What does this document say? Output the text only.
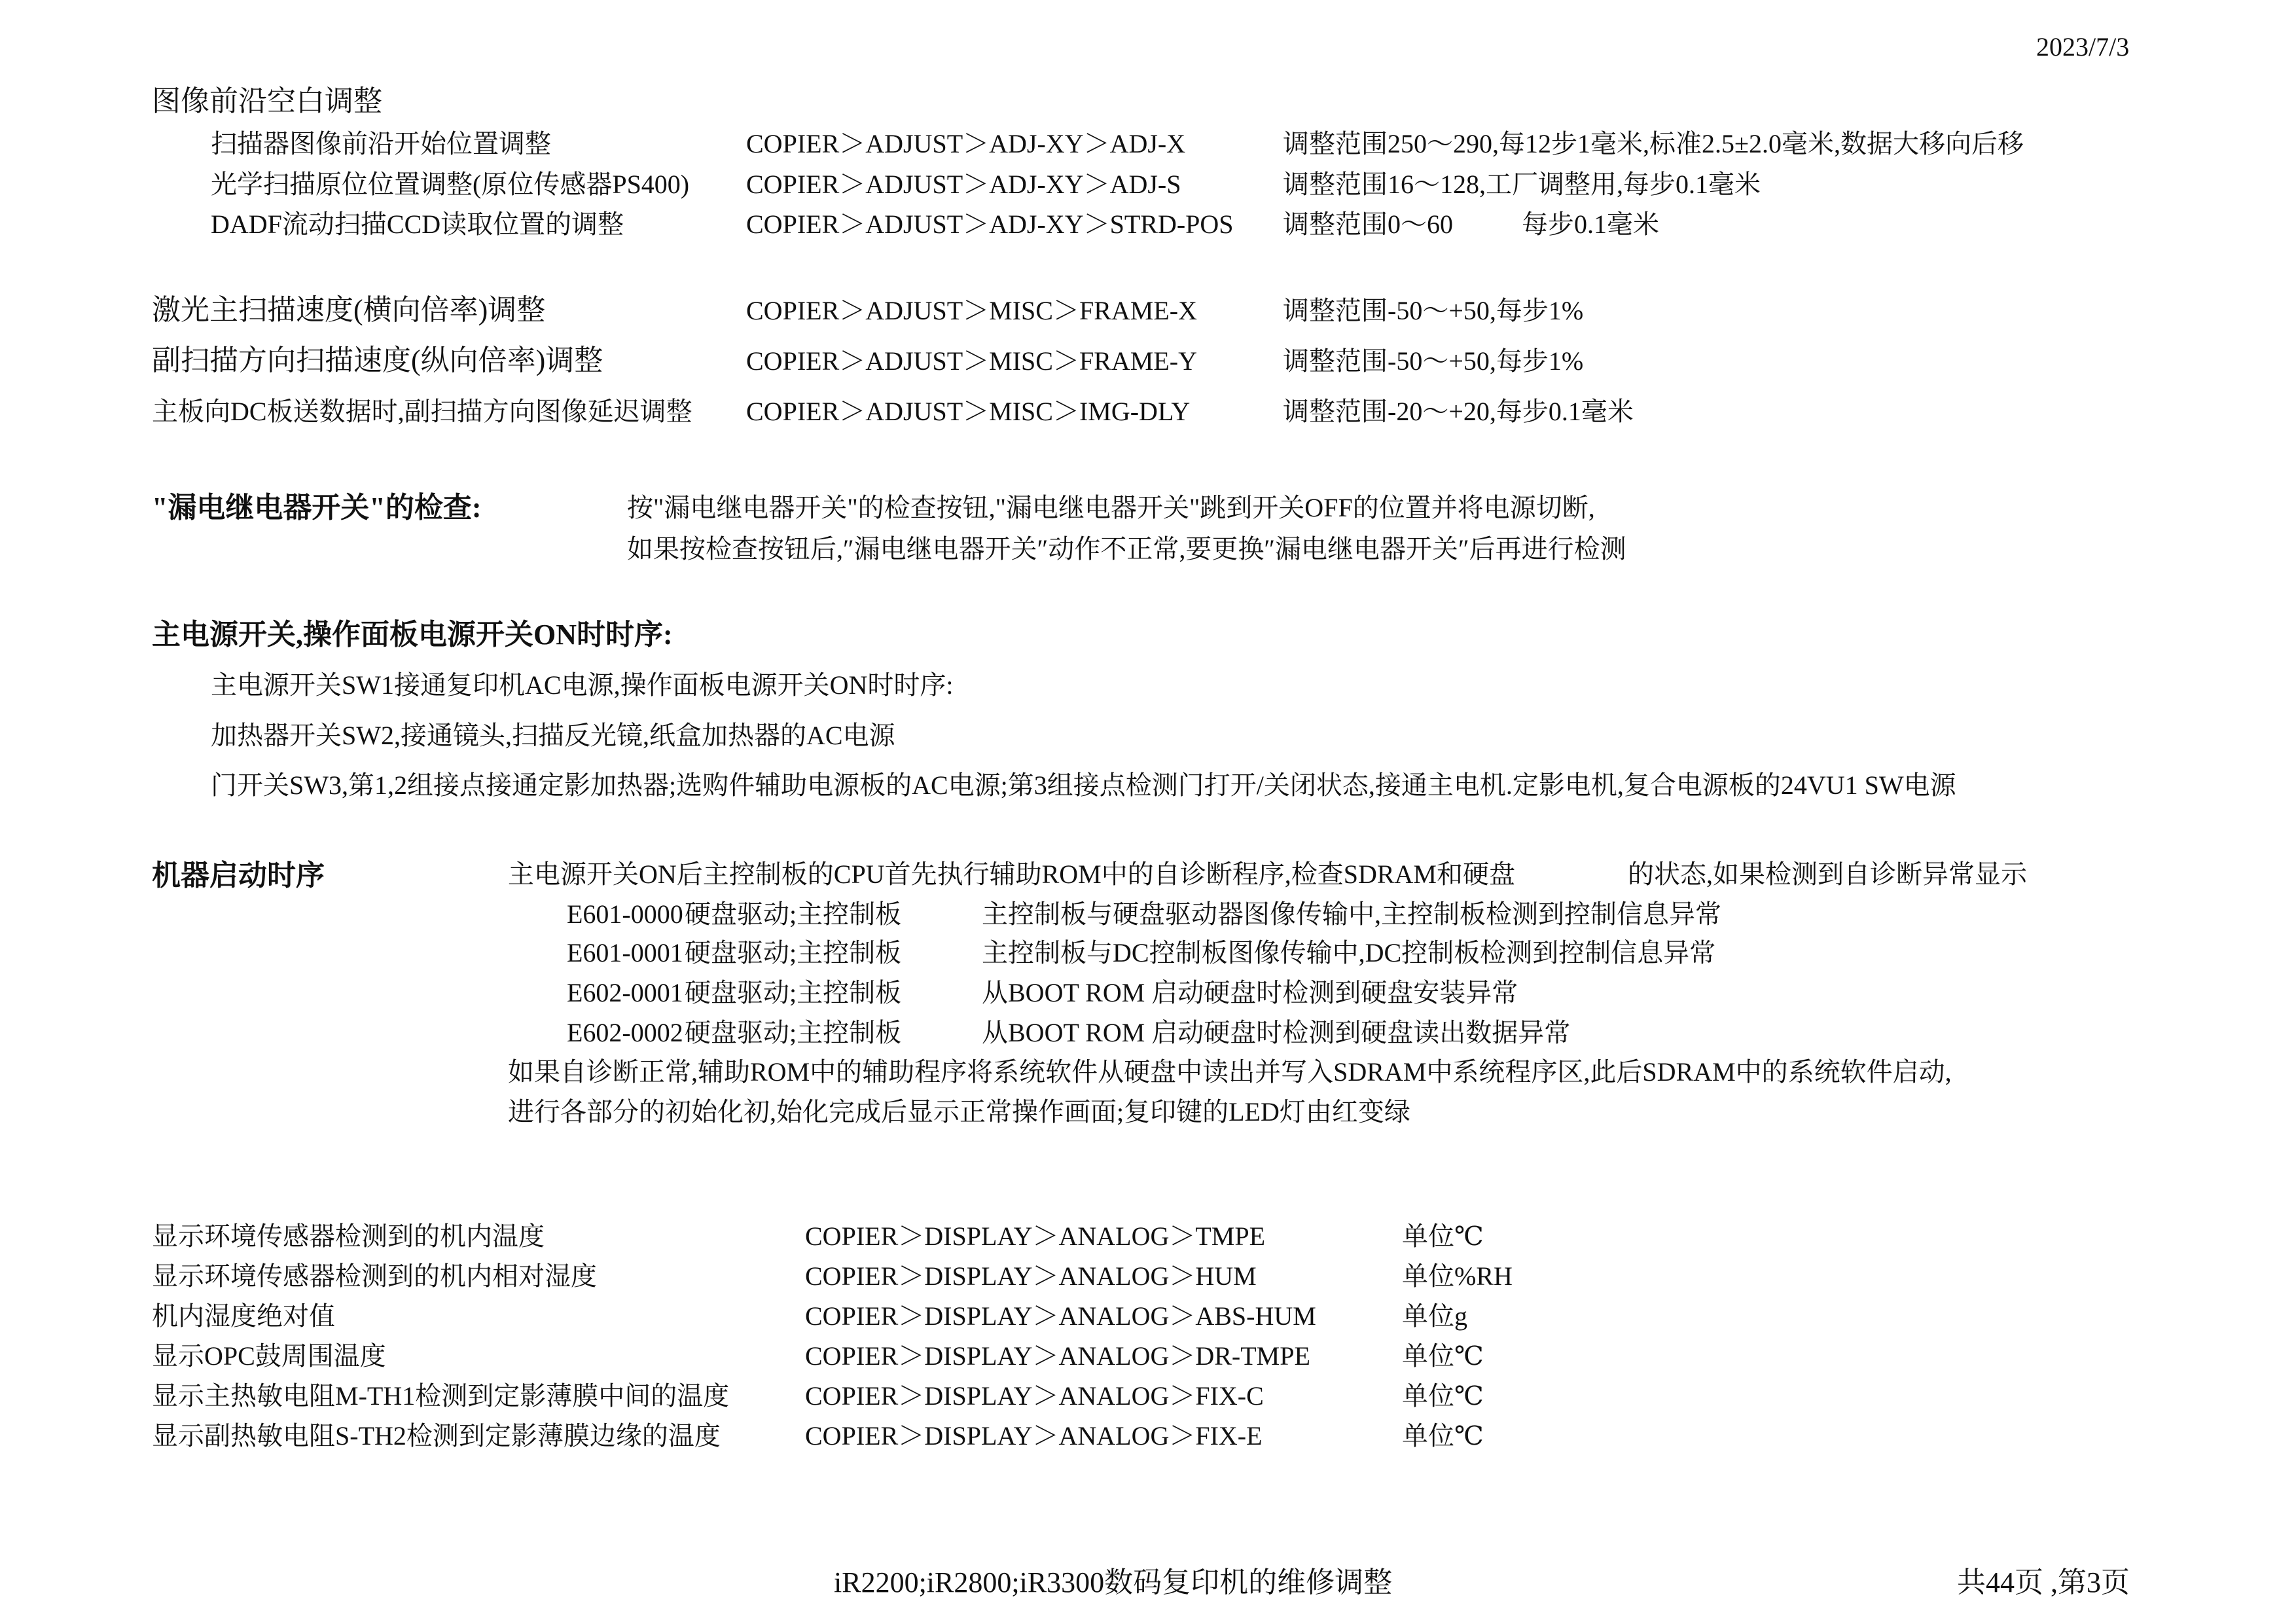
2023/7/3
图像前沿空白调整
扫描器图像前沿开始位置调整	COPIER＞ADJUST＞ADJ-XY＞ADJ-X	调整范围250～290,每12步1毫米,标准2.5±2.0毫米,数据大移向后移
光学扫描原位位置调整(原位传感器PS400) COPIER＞ADJUST＞ADJ-XY＞ADJ-S	调整范围16～128,工厂调整用,每步0.1毫米
DADF流动扫描CCD读取位置的调整	COPIER＞ADJUST＞ADJ-XY＞STRD-POS 调整范围0～60	每步0.1毫米
激光主扫描速度(横向倍率)调整	COPIER＞ADJUST＞MISC＞FRAME-X	调整范围-50～+50,每步1%
副扫描方向扫描速度(纵向倍率)调整	COPIER＞ADJUST＞MISC＞FRAME-Y	调整范围-50～+50,每步1%
主板向DC板送数据时,副扫描方向图像延迟调整 COPIER＞ADJUST＞MISC＞IMG-DLY	调整范围-20～+20,每步0.1毫米
"漏电继电器开关"的检查:	按"漏电继电器开关"的检查按钮,"漏电继电器开关"跳到开关OFF的位置并将电源切断,
如果按检查按钮后,″漏电继电器开关″动作不正常,要更换″漏电继电器开关″后再进行检测
主电源开关,操作面板电源开关ON时时序:
主电源开关SW1接通复印机AC电源,操作面板电源开关ON时时序:
加热器开关SW2,接通镜头,扫描反光镜,纸盒加热器的AC电源
门开关SW3,第1,2组接点接通定影加热器;选购件辅助电源板的AC电源;第3组接点检测门打开/关闭状态,接通主电机.定影电机,复合电源板的24VU1 SW电源
机器启动时序	主电源开关ON后主控制板的CPU首先执行辅助ROM中的自诊断程序,检查SDRAM和硬盘	的状态,如果检测到自诊断异常显示
E601-0000 硬盘驱动;主控制板	主控制板与硬盘驱动器图像传输中,主控制板检测到控制信息异常
E601-0001 硬盘驱动;主控制板	主控制板与DC控制板图像传输中,DC控制板检测到控制信息异常
E602-0001 硬盘驱动;主控制板	从BOOT ROM 启动硬盘时检测到硬盘安装异常
E602-0002 硬盘驱动;主控制板	从BOOT ROM 启动硬盘时检测到硬盘读出数据异常
如果自诊断正常,辅助ROM中的辅助程序将系统软件从硬盘中读出并写入SDRAM中系统程序区,此后SDRAM中的系统软件启动,
进行各部分的初始化初,始化完成后显示正常操作画面;复印键的LED灯由红变绿
显示环境传感器检测到的机内温度	COPIER＞DISPLAY＞ANALOG＞TMPE	单位℃
显示环境传感器检测到的机内相对湿度	COPIER＞DISPLAY＞ANALOG＞HUM	单位%RH
机内湿度绝对值	COPIER＞DISPLAY＞ANALOG＞ABS-HUM	单位g
显示OPC鼓周围温度	COPIER＞DISPLAY＞ANALOG＞DR-TMPE	单位℃
显示主热敏电阻M-TH1检测到定影薄膜中间的温度	COPIER＞DISPLAY＞ANALOG＞FIX-C	单位℃
显示副热敏电阻S-TH2检测到定影薄膜边缘的温度	COPIER＞DISPLAY＞ANALOG＞FIX-E	单位℃
iR2200;iR2800;iR3300数码复印机的维修调整	共44页 ,第3页
